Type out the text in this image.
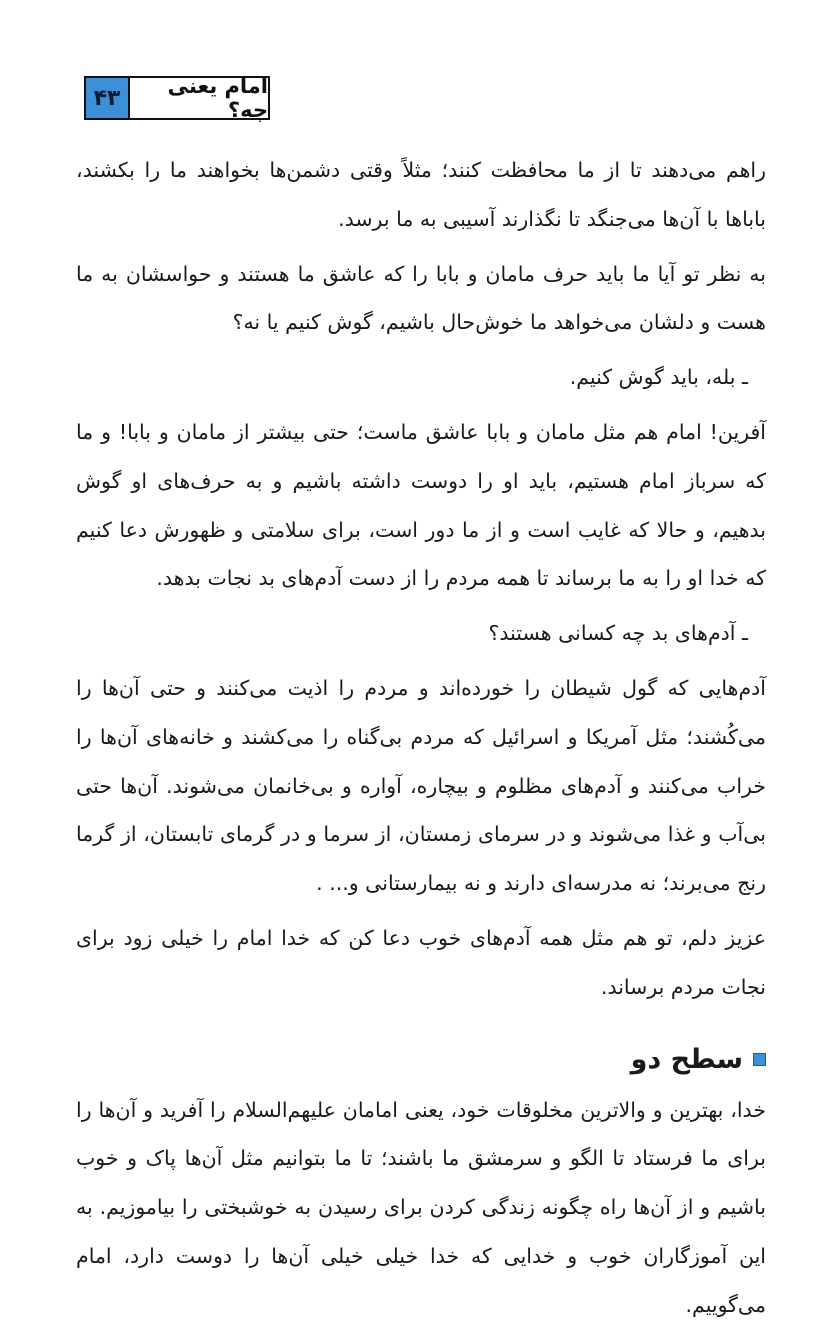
۴۳	امام یعنی چه؟

راهم می‌دهند تا از ما محافظت کنند؛ مثلاً وقتی دشمن‌ها بخواهند ما را بکشند، باباها با آن‌ها می‌جنگد تا نگذارند آسیبی به ما برسد.

به نظر تو آیا ما باید حرف مامان و بابا را که عاشق ما هستند و حواسشان به ما هست و دلشان می‌خواهد ما خوش‌حال باشیم، گوش کنیم یا نه؟

ـ بله، باید گوش کنیم.

آفرین! امام هم مثل مامان و بابا عاشق ماست؛ حتی بیشتر از مامان و بابا! و ما که سرباز امام هستیم، باید او را دوست داشته باشیم و به حرف‌های او گوش بدهیم، و حالا که غایب است و از ما دور است، برای سلامتی و ظهورش دعا کنیم که خدا او را به ما برساند تا همه مردم را از دست آدم‌های بد نجات بدهد.

ـ آدم‌های بد چه کسانی هستند؟

آدم‌هایی که گول شیطان را خورده‌اند و مردم را اذیت می‌کنند و حتی آن‌ها را می‌کُشند؛ مثل آمریکا و اسرائیل که مردم بی‌گناه را می‌کشند و خانه‌های آن‌ها را خراب می‌کنند و آدم‌های مظلوم و بیچاره، آواره و بی‌خانمان می‌شوند. آن‌ها حتی بی‌آب و غذا می‌شوند و در سرمای زمستان، از سرما و در گرمای تابستان، از گرما رنج می‌برند؛ نه مدرسه‌ای دارند و نه بیمارستانی و... .

عزیز دلم، تو هم مثل همه آدم‌های خوب دعا کن که خدا امام را خیلی زود برای نجات مردم برساند.

سطح دو

خدا، بهترین و والاترین مخلوقات خود، یعنی امامان علیهم‌السلام را آفرید و آن‌ها را برای ما فرستاد تا الگو و سرمشق ما باشند؛ تا ما بتوانیم مثل آن‌ها پاک و خوب باشیم و از آن‌ها راه چگونه زندگی کردن برای رسیدن به خوشبختی را بیاموزیم. به این آموزگاران خوب و خدایی که خدا خیلی خیلی آن‌ها را دوست دارد، امام می‌گوییم.
